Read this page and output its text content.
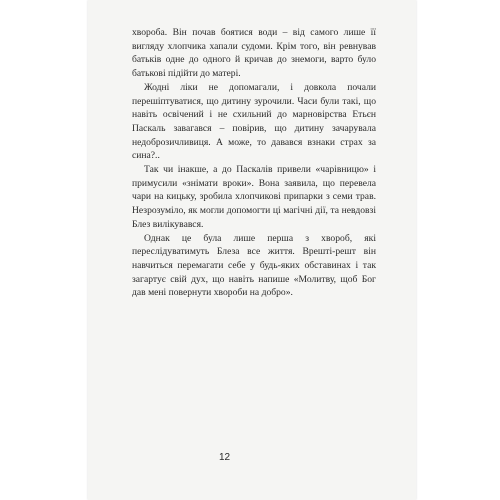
хвороба. Він почав боятися води – від самого лише її вигляду хлопчика хапали судоми. Крім того, він ревнував батьків одне до одного й кричав до знемоги, варто було батькові підійти до матері.

Жодні ліки не допомагали, і довкола почали перешіптуватися, що дитину зурочили. Часи були такі, що навіть освічений і не схильний до марновірства Етьєн Паскаль завагався – повірив, що дитину зачарувала недоброзичливиця. А може, то давався взнаки страх за сина?..

Так чи інакше, а до Паскалів привели «чарівницю» і примусили «знімати вроки». Вона заявила, що перевела чари на кицьку, зробила хлопчикові припарки з семи трав. Незрозуміло, як могли допомогти ці магічні дії, та невдовзі Блез вилікувався.

Однак це була лише перша з хвороб, які переслідуватимуть Блеза все життя. Врешті-решт він навчиться перемагати себе у будь-яких обставинах і так загартує свій дух, що навіть напише «Молитву, щоб Бог дав мені повернути хвороби на добро».

12
